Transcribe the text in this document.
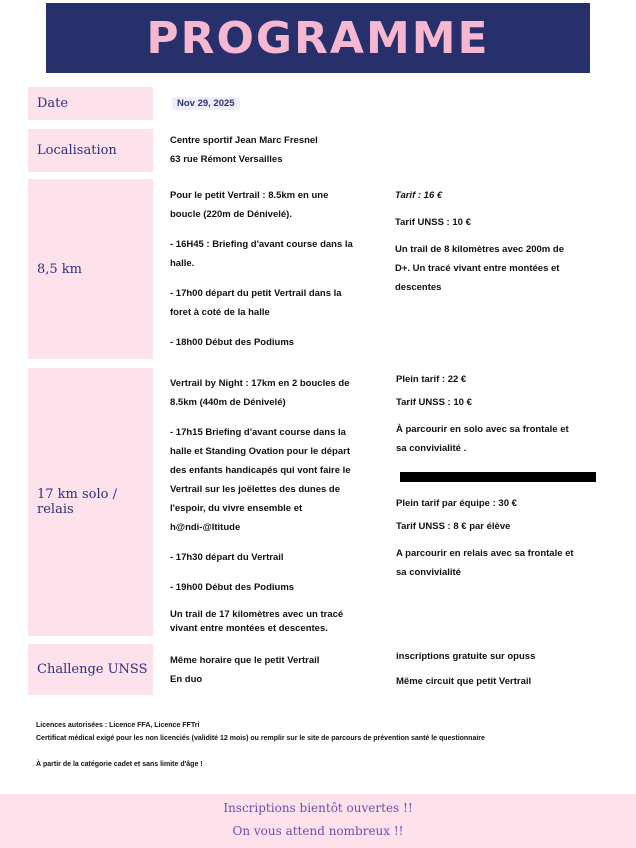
PROGRAMME
Date	Nov 29, 2025
Localisation

Centre sportif Jean Marc Fresnel

63 rue Rémont Versailles

8,5 km

Pour le petit Vertrail : 8.5km en une

boucle (220m de Dénivelé).

- 16H45 : Briefing d'avant course dans la

halle.

- 17h00 départ du petit Vertrail dans la

foret à coté de la halle

- 18h00 Début des Podiums

Tarif : 16 €

Tarif UNSS : 10 €

Un trail de 8 kilomètres avec 200m de

D+. Un tracé vivant entre montées et

descentes

17 km solo / relais

Vertrail by Night : 17km en 2 boucles de

8.5km (440m de Dénivelé)

- 17h15 Briefing d'avant course dans la

halle et Standing Ovation pour le départ

des enfants handicapés qui vont faire le

Vertrail sur les joëlettes des dunes de

l'espoir, du vivre ensemble et

h@ndi-@ltitude

- 17h30 départ du Vertrail

- 19h00 Début des Podiums

Un trail de 17 kilomètres avec un tracé

vivant entre montées et descentes.

Plein tarif : 22 €

Tarif UNSS : 10 €

À parcourir en solo avec sa frontale et

sa convivialité .

Plein tarif par équipe : 30 €

Tarif UNSS : 8 € par élève

A parcourir en relais avec sa frontale et

sa convivialité

Challenge UNSS

Même horaire que le petit Vertrail

En duo

inscriptions gratuite sur opuss

Même circuit que petit Vertrail

Licences autorisées : Licence FFA, Licence FFTri
Certificat médical exigé pour les non licenciés (validité 12 mois) ou remplir sur le site de parcours de prévention santé le questionnaire
À partir de la catégorie cadet et sans limite d'âge !
Inscriptions bientôt ouvertes !!
On vous attend nombreux !!
